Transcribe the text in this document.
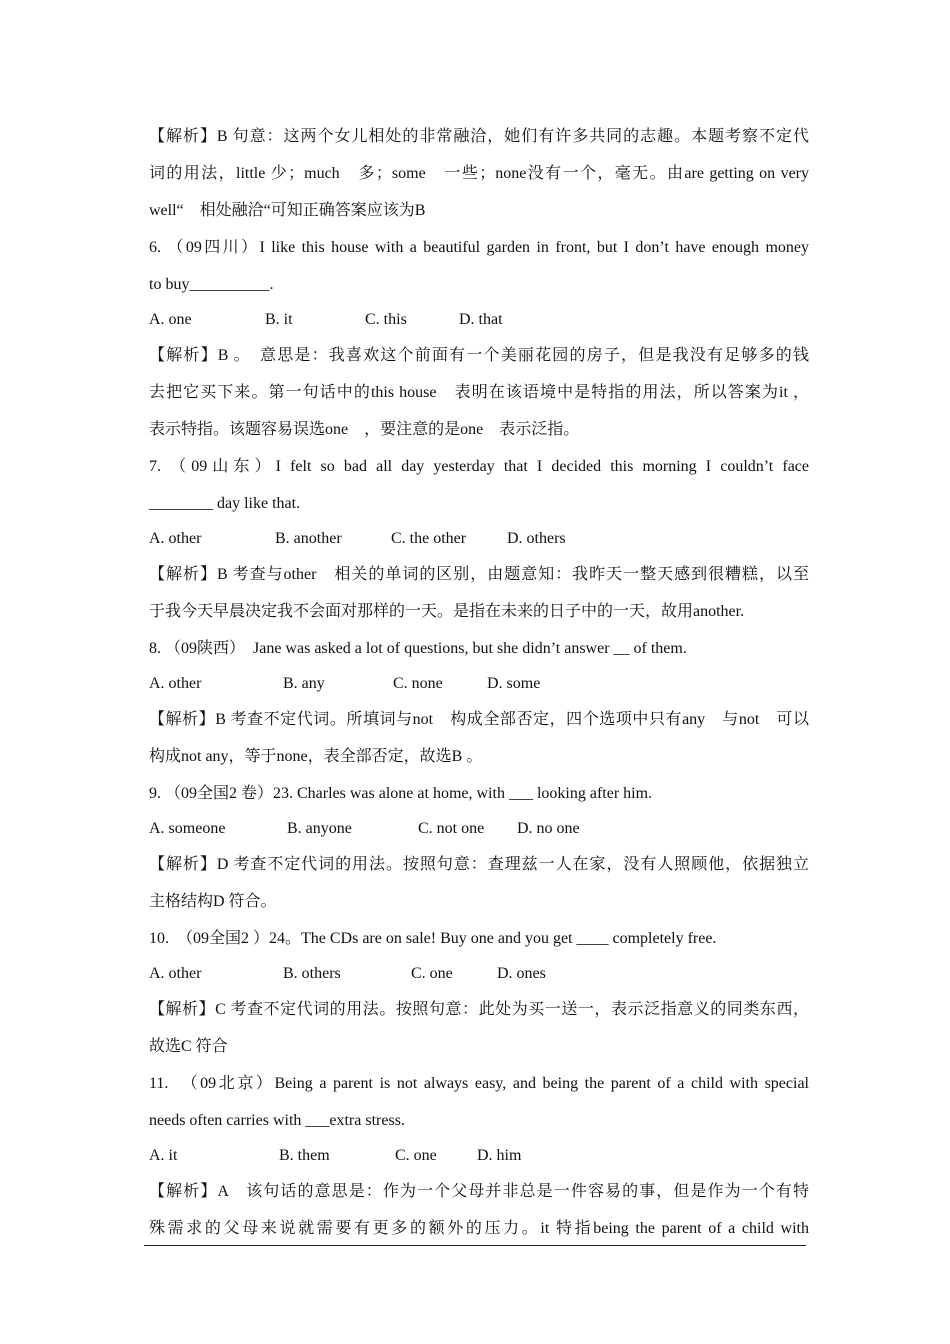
【解析】B 句意：这两个女儿相处的非常融洽，她们有许多共同的志趣。本题考察不定代
词的用法，little 少；much　多；some　一些；none没有一个，毫无。由are getting on very
well“　相处融洽“可知正确答案应该为B
6. （09四川）I like this house with a beautiful garden in front, but I don’t have enough money
to buy__________.
A. one	B. it	C. this	D. that
【解析】B 。　意思是：我喜欢这个前面有一个美丽花园的房子，但是我没有足够多的钱
去把它买下来。第一句话中的this house　表明在该语境中是特指的用法，所以答案为it ，
表示特指。该题容易误选one　，要注意的是one　表示泛指。
7. （09山东）I felt so bad all day yesterday that I decided this morning I couldn’t face
________ day like that.
A. other	B. another	C. the other	D. others
【解析】B 考查与other　相关的单词的区别，由题意知：我昨天一整天感到很糟糕，以至
于我今天早晨决定我不会面对那样的一天。是指在未来的日子中的一天，故用another.
8. （09陕西）　Jane was asked a lot of questions, but she didn’t answer __ of them.
A. other	B. any	C. none	D. some
【解析】B 考查不定代词。所填词与not　构成全部否定，四个选项中只有any　与not　可以
构成not any，等于none，表全部否定，故选B 。
9. （09全国2 卷）23. Charles was alone at home, with ___ looking after him.
A. someone	B. anyone	C. not one D. no one
【解析】D 考查不定代词的用法。按照句意：查理兹一人在家，没有人照顾他，依据独立
主格结构D 符合。
10.　（09全国2 ）24。The CDs are on sale! Buy one and you get ____ completely free.
A. other	B. others	C. one	D. ones
【解析】C 考查不定代词的用法。按照句意：此处为买一送一，表示泛指意义的同类东西，
故选C 符合
11.　（09北京）Being a parent is not always easy, and being the parent of a child with special
needs often carries with ___extra stress.
A. it	B. them	C. one	D. him
【解析】A　该句话的意思是：作为一个父母并非总是一件容易的事，但是作为一个有特
殊需求的父母来说就需要有更多的额外的压力。it 特指being the parent of a child with
